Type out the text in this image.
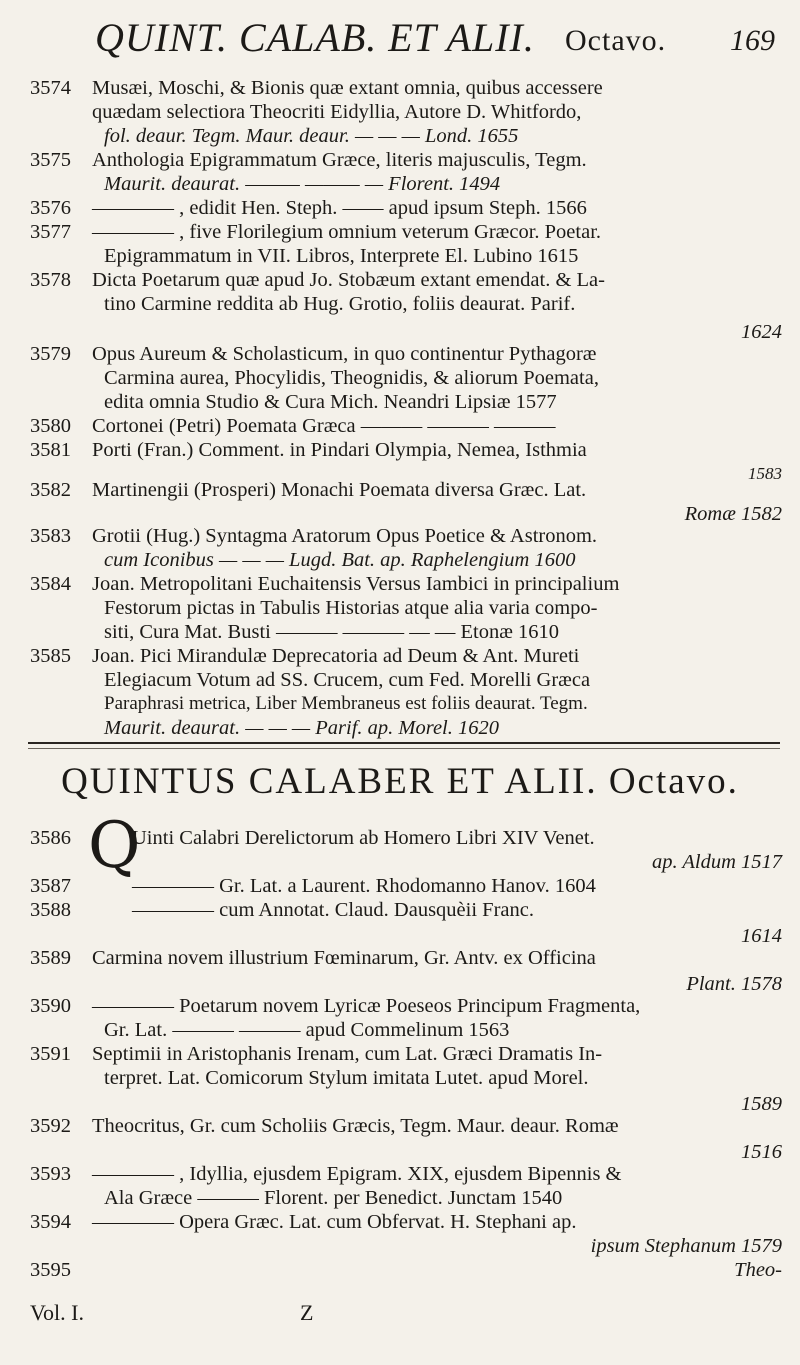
QUINT. CALAB. ET ALII. Octavo. 169
3574 Musæi, Moschi, & Bionis quæ extant omnia, quibus accessere
quædam selectiora Theocriti Eidyllia, Autore D. Whitfordo,
fol. deaur. Tegm. Maur. deaur. — — — Lond. 1655
3575 Anthologia Epigrammatum Græce, literis majusculis, Tegm.
Maurit. deaurat. ——— ——— — Florent. 1494
3576 ———— , edidit Hen. Steph. —— apud ipsum Steph. 1566
3577 ———— , five Florilegium omnium veterum Græcor. Poetar.
Epigrammatum in VII. Libros, Interprete El. Lubino 1615
3578 Dicta Poetarum quæ apud Jo. Stobæum extant emendat. & La-
tino Carmine reddita ab Hug. Grotio, foliis deaurat. Parif.
1624
3579 Opus Aureum & Scholasticum, in quo continentur Pythagoræ
Carmina aurea, Phocylidis, Theognidis, & aliorum Poemata,
edita omnia Studio & Cura Mich. Neandri Lipsiæ 1577
3580 Cortonei (Petri) Poemata Græca ——— ——— ———
3581 Porti (Fran.) Comment. in Pindari Olympia, Nemea, Isthmia
1583
3582 Martinengii (Prosperi) Monachi Poemata diversa Græc. Lat.
Romæ 1582
3583 Grotii (Hug.) Syntagma Aratorum Opus Poetice & Astronom.
cum Iconibus — — — Lugd. Bat. ap. Raphelengium 1600
3584 Joan. Metropolitani Euchaitensis Versus Iambici in principalium
Festorum pictas in Tabulis Historias atque alia varia compo-
siti, Cura Mat. Busti ——— ——— — — Etonæ 1610
3585 Joan. Pici Mirandulæ Deprecatoria ad Deum & Ant. Mureti
Elegiacum Votum ad SS. Crucem, cum Fed. Morelli Græca
Paraphrasi metrica, Liber Membraneus est foliis deaurat. Tegm.
Maurit. deaurat. — — — Parif. ap. Morel. 1620
QUINTUS CALABER ET ALII. Octavo.
Q
3586	Uinti Calabri Derelictorum ab Homero Libri XIV Venet.
ap. Aldum 1517
3587	———— Gr. Lat. a Laurent. Rhodomanno Hanov. 1604
3588	———— cum Annotat. Claud. Dausquèii Franc.
1614
3589 Carmina novem illustrium Fœminarum, Gr. Antv. ex Officina
Plant. 1578
3590 ———— Poetarum novem Lyricæ Poeseos Principum Fragmenta,
Gr. Lat. ——— ——— apud Commelinum 1563
3591 Septimii in Aristophanis Irenam, cum Lat. Græci Dramatis In-
terpret. Lat. Comicorum Stylum imitata Lutet. apud Morel.
1589
3592 Theocritus, Gr. cum Scholiis Græcis, Tegm. Maur. deaur. Romæ
1516
3593 ———— , Idyllia, ejusdem Epigram. XIX, ejusdem Bipennis &
Ala Græce ——— Florent. per Benedict. Junctam 1540
3594 ———— Opera Græc. Lat. cum Obfervat. H. Stephani ap.
ipsum Stephanum 1579
3595	Theo-
Vol. I.	Z
